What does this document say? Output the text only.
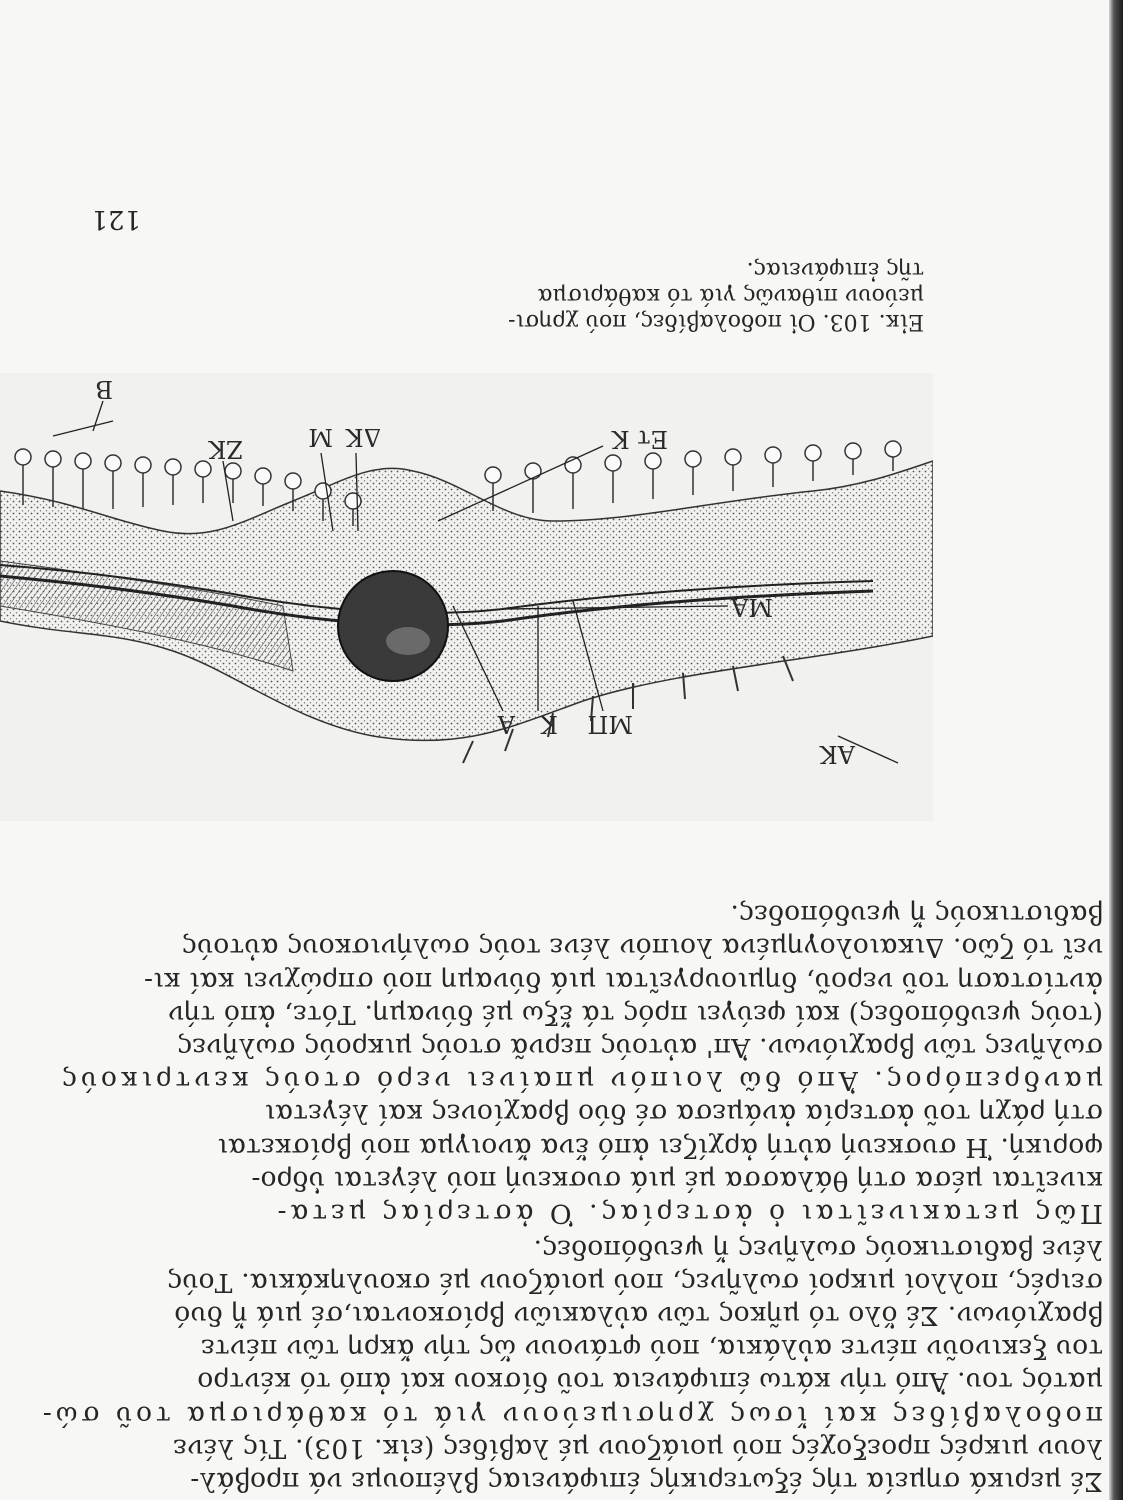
Σέ μερικά σημεία τής έξωτερικής έπιφάνειας βλέπουμε νά προβάλ-
λουν μικρές προεξοχές πού μοιάζουν μέ λαβίδες (εἰκ. 103). Τίς λένε
ποδολαβίδες καί ἴσως χρησιμεύουν γιά τό καθάρισμα τοῦ σώ-
ματός του. Ἀπό τήν κάτω έπιφάνεια τοῦ δίσκου καί ἀπό τό κέντρο
του ξεκινοῦν πέντε αὐλάκια, πού φτάνουν ὥς τήν ἄκρη τῶν πέντε
βραχιόνων. Σέ ὅλο τό μῆκος τῶν αὐλακιῶν βρίσκονται,σέ μιά ἤ δυό
σειρές, πολλοί μικροί σωλῆνες, πού μοιάζουν μέ σκουληκάκια. Τούς
λένε βαδιστικούς σωλῆνες ἤ ψευδόποδες.
Πῶς μετακινεῖται ὁ ἀστερίας. Ὁ ἀστερίας μετα-
κινεῖται μέσα στή θάλασσα μέ μιά συσκευή πού λέγεται ὑδρο-
φορική. Ἡ συσκευή αὐτή ἀρχίζει ἀπό ἕνα ἄνοιγμα πού βρίσκεται
στή ράχη τοῦ ἀστερία ἀνάμεσα σέ δύο βραχίονες καί λέγεται
μανδρεπόρος. Ἀπό δῶ λοιπόν μπαίνει νερό στούς κεντρικούς
σωλῆνες τῶν βραχιόνων. Ἀπ' αὐτούς περνᾶ στούς μικρούς σωλῆνες
(τούς ψευδόποδες) καί φεύγει πρός τά ἔξω μέ δύναμη. Τότε, ἀπό τήν
ἀντίσταση τοῦ νεροῦ, δημιουργεῖται μιά δύναμη πού σπρώχνει καί κι-
νεῖ τό ζῶο. Δικαιολογημένα λοιπόν λένε τούς σωλήνισκους αὐτούς
βαδιστικούς ἤ ψευδόποδες.
AK
ΜΠ
Κ
Α
ΜΑ
Ετ Κ
ΔΚ
Μ
ΖΚ
Β
Εἰκ. 103. Οἱ ποδολαβίδες, πού χρησι-
μεύουν πιθανῶς γιά τό καθάρισμα
τῆς ἐπιφάνειας.
121
